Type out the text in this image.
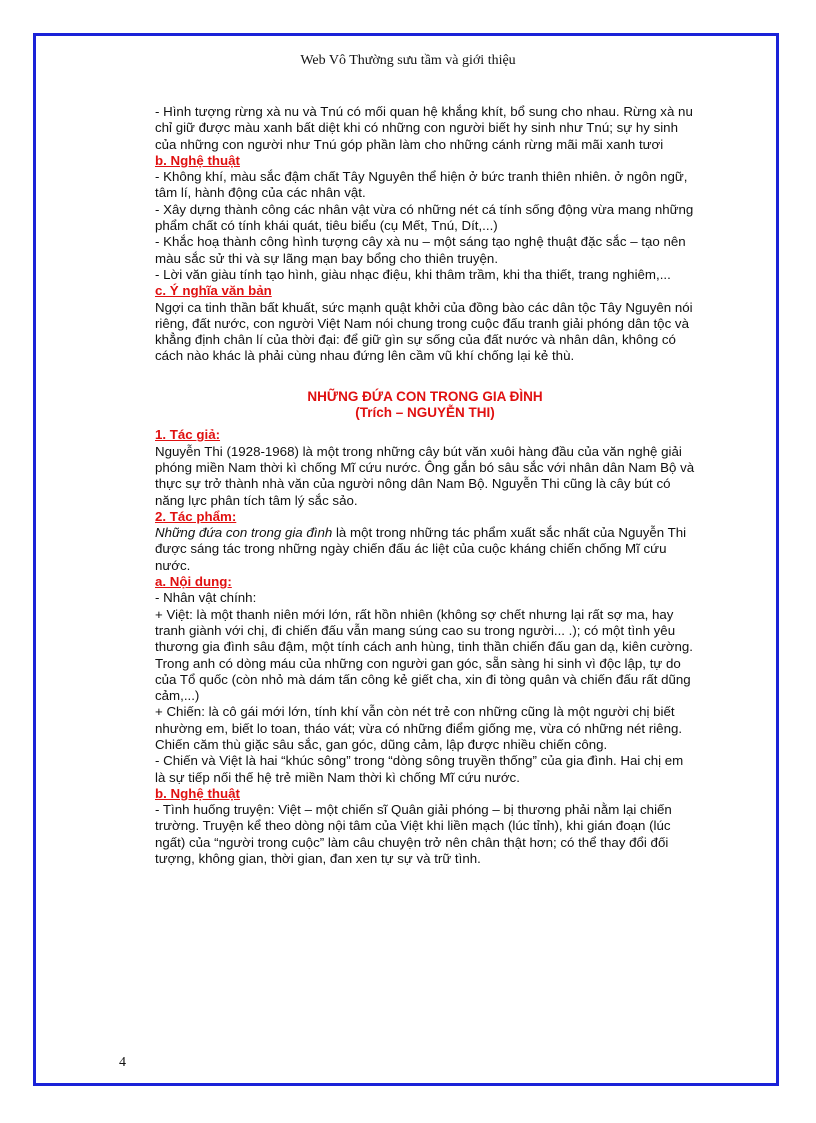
Web Vô Thường sưu tầm và giới thiệu

- Hình tượng rừng xà nu và Tnú có mối quan hệ khắng khít, bổ sung cho nhau. Rừng xà nu chỉ giữ được màu xanh bất diệt khi có những con người biết hy sinh như Tnú; sự hy sinh của những con người như Tnú góp phần làm cho những cánh rừng mãi mãi xanh tươi

b. Nghệ thuật

- Không khí, màu sắc đậm chất Tây Nguyên thể hiện ở bức tranh thiên nhiên. ở ngôn ngữ, tâm lí, hành động của các nhân vật.

- Xây dựng thành công các nhân vật vừa có những nét cá tính sống động vừa mang những phẩm chất có tính khái quát, tiêu biểu (cụ Mết, Tnú, Dít,...)

- Khắc hoạ thành công hình tượng cây xà nu – một sáng tạo nghệ thuật đặc sắc – tạo nên màu sắc sử thi và sự lãng mạn bay bổng cho thiên truyện.

- Lời văn giàu tính tạo hình, giàu nhạc điệu, khi thâm trầm, khi tha thiết, trang nghiêm,...

c. Ý nghĩa văn bản

Ngợi ca tinh thần bất khuất, sức mạnh quật khởi của đồng bào các dân tộc Tây Nguyên nói riêng, đất nước, con người Việt Nam nói chung trong cuộc đấu tranh giải phóng dân tộc và khẳng định chân lí của thời đại: để giữ gìn sự sống của đất nước và nhân dân, không có cách nào khác là phải cùng nhau đứng lên cầm vũ khí chống lại kẻ thù.

NHỮNG ĐỨA CON TRONG GIA ĐÌNH

(Trích – NGUYỄN THI)

1. Tác giả:

Nguyễn Thi (1928-1968) là một trong những cây bút văn xuôi hàng đầu của văn nghệ giải phóng miền Nam thời kì chống Mĩ cứu nước. Ông gắn bó sâu sắc với nhân dân Nam Bộ và thực sự trở thành nhà văn của người nông dân Nam Bộ. Nguyễn Thi cũng là cây bút có năng lực phân tích tâm lý sắc sảo.

2. Tác phẩm:

Những đứa con trong gia đình là một trong những tác phẩm xuất sắc nhất của Nguyễn Thi được sáng tác trong những ngày chiến đấu ác liệt của cuộc kháng chiến chống Mĩ cứu nước.

a. Nội dung:

- Nhân vật chính:

+ Việt: là một thanh niên mới lớn, rất hồn nhiên (không sợ chết nhưng lại rất sợ ma, hay tranh giành với chị, đi chiến đấu vẫn mang súng cao su trong người... .); có một tình yêu thương gia đình sâu đậm, một tính cách anh hùng, tinh thần chiến đấu gan dạ, kiên cường. Trong anh có dòng máu của những con người gan góc, sẵn sàng hi sinh vì độc lập, tự do của Tổ quốc (còn nhỏ mà dám tấn công kẻ giết cha, xin đi tòng quân và chiến đấu rất dũng cảm,...)

+ Chiến: là cô gái mới lớn, tính khí vẫn còn nét trẻ con những cũng là một người chị biết nhường em, biết lo toan, tháo vát; vừa có những điểm giống mẹ, vừa có những nét riêng. Chiến căm thù giặc sâu sắc, gan góc, dũng cảm, lập được nhiều chiến công.

- Chiến và Việt là hai “khúc sông” trong “dòng sông truyền thống” của gia đình. Hai chị em là sự tiếp nối thế hệ trẻ miền Nam thời kì chống Mĩ cứu nước.

b. Nghệ thuật

- Tình huống truyện: Việt – một chiến sĩ Quân giải phóng – bị thương phải nằm lại chiến trường. Truyện kể theo dòng nội tâm của Việt khi liền mạch (lúc tỉnh), khi gián đoạn (lúc ngất) của “người trong cuộc” làm câu chuyện trở nên chân thật hơn; có thể thay đổi đối tượng, không gian, thời gian, đan xen tự sự và trữ tình.

4
